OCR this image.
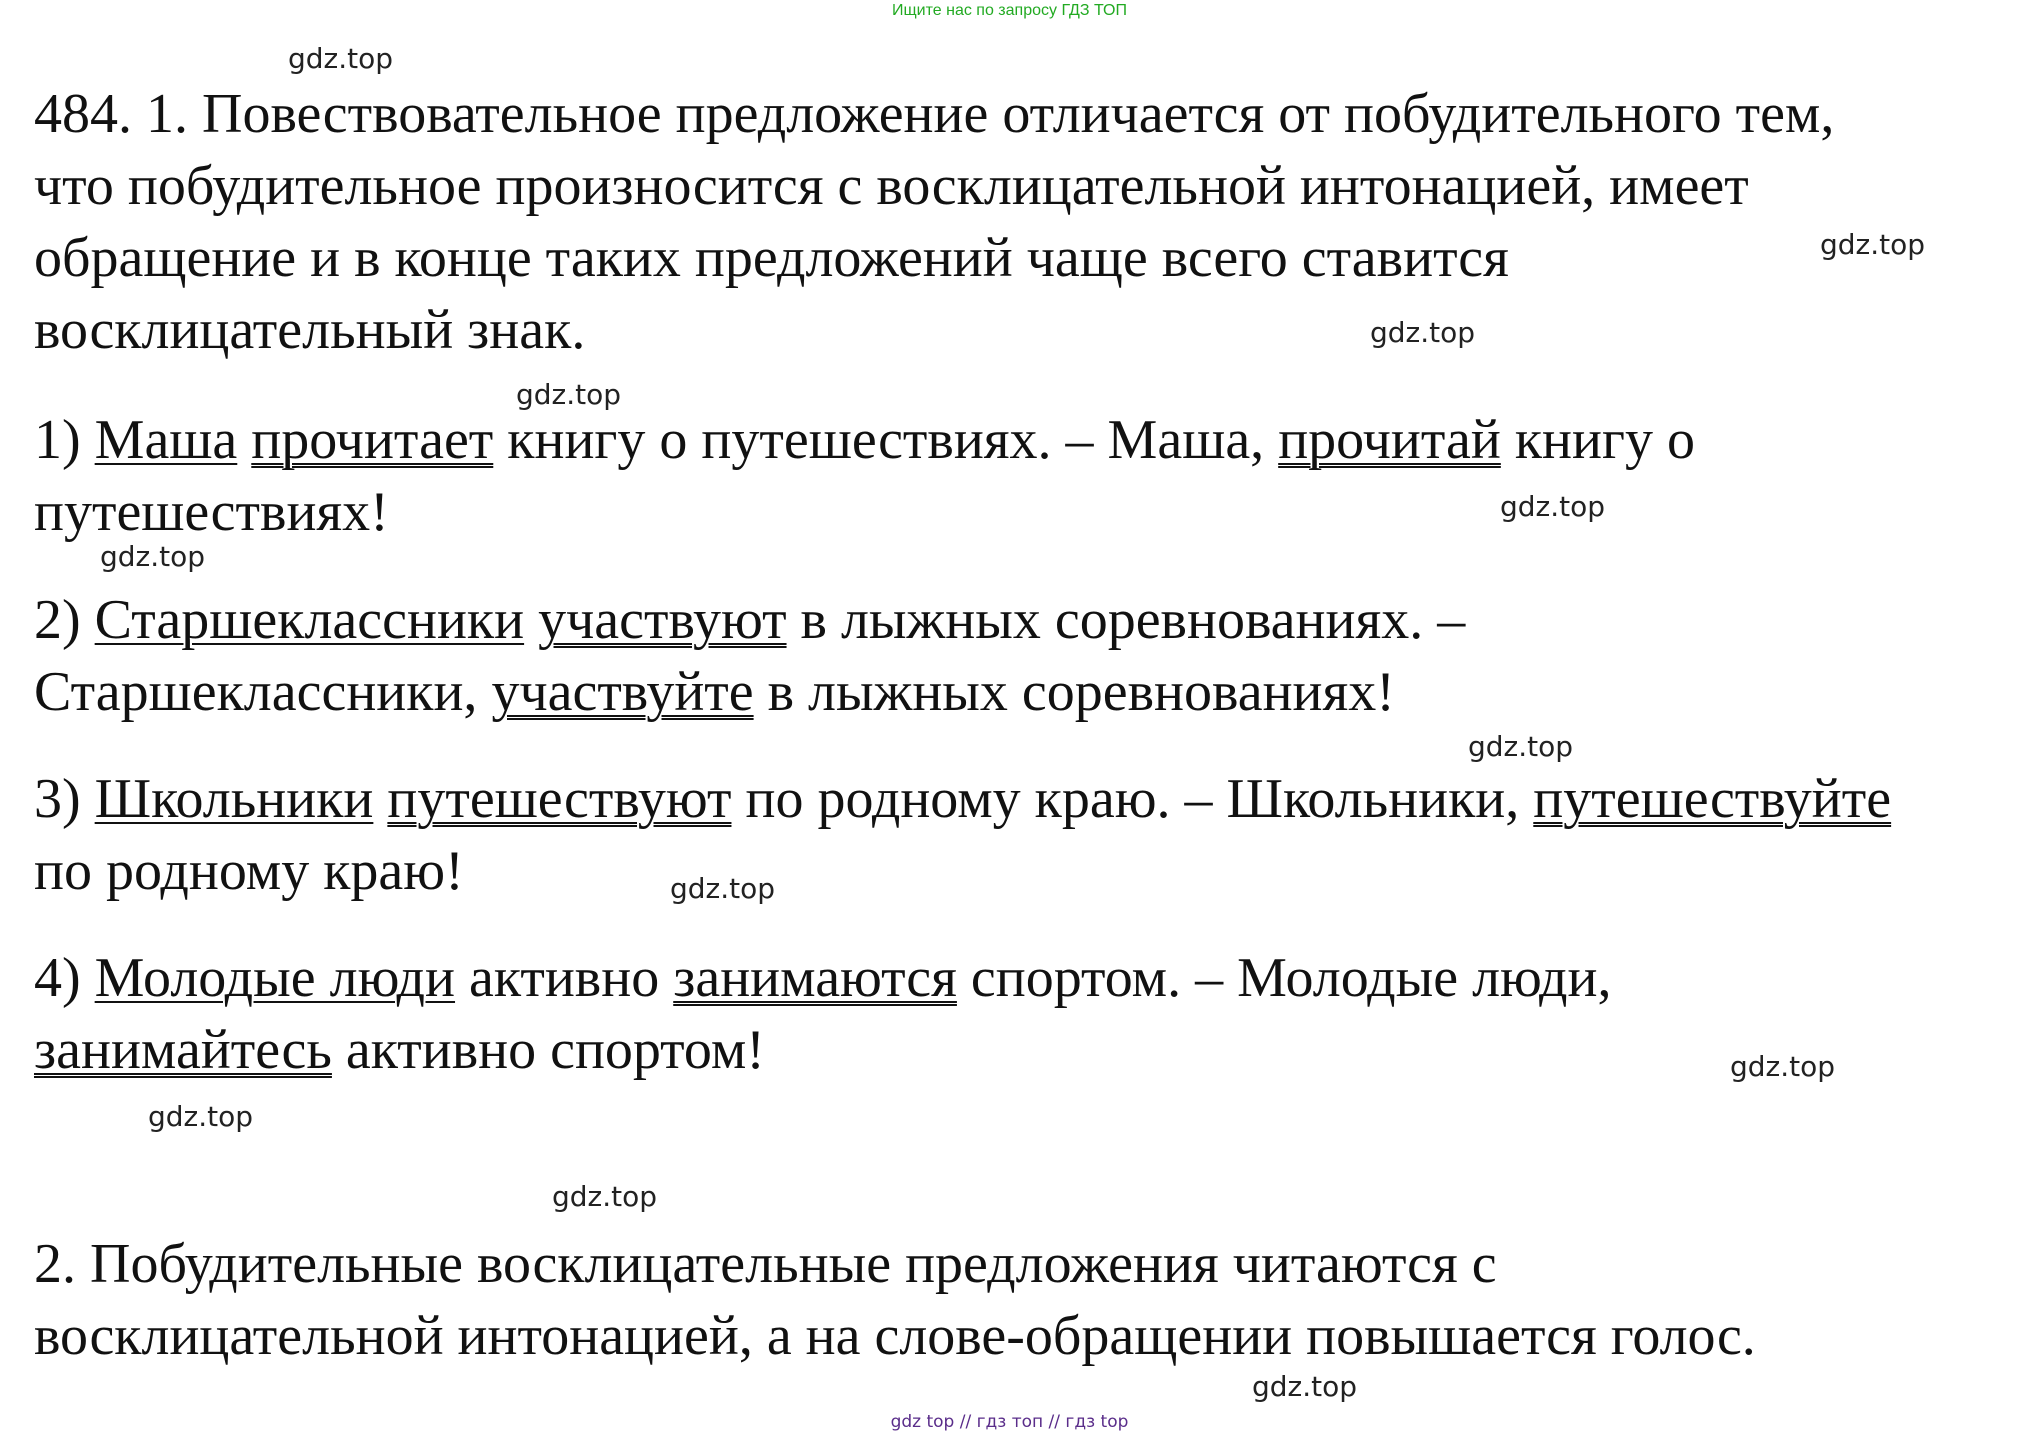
Ищите нас по запросу ГДЗ ТОП
gdz.top
gdz.top
gdz.top
gdz.top
gdz.top
gdz.top
gdz.top
gdz.top
gdz.top
gdz.top
gdz.top
gdz.top
484. 1. Повествовательное предложение отличается от побудительного тем,
что побудительное произносится с восклицательной интонацией, имеет
обращение и в конце таких предложений чаще всего ставится
восклицательный знак.
1) Маша прочитает книгу о путешествиях. – Маша, прочитай книгу о
путешествиях!
2) Старшеклассники участвуют в лыжных соревнованиях. –
Старшеклассники, участвуйте в лыжных соревнованиях!
3) Школьники путешествуют по родному краю. – Школьники, путешествуйте
по родному краю!
4) Молодые люди активно занимаются спортом. – Молодые люди,
занимайтесь активно спортом!
2. Побудительные восклицательные предложения читаются с
восклицательной интонацией, а на слове-обращении повышается голос.
gdz top // гдз топ // гдз top
